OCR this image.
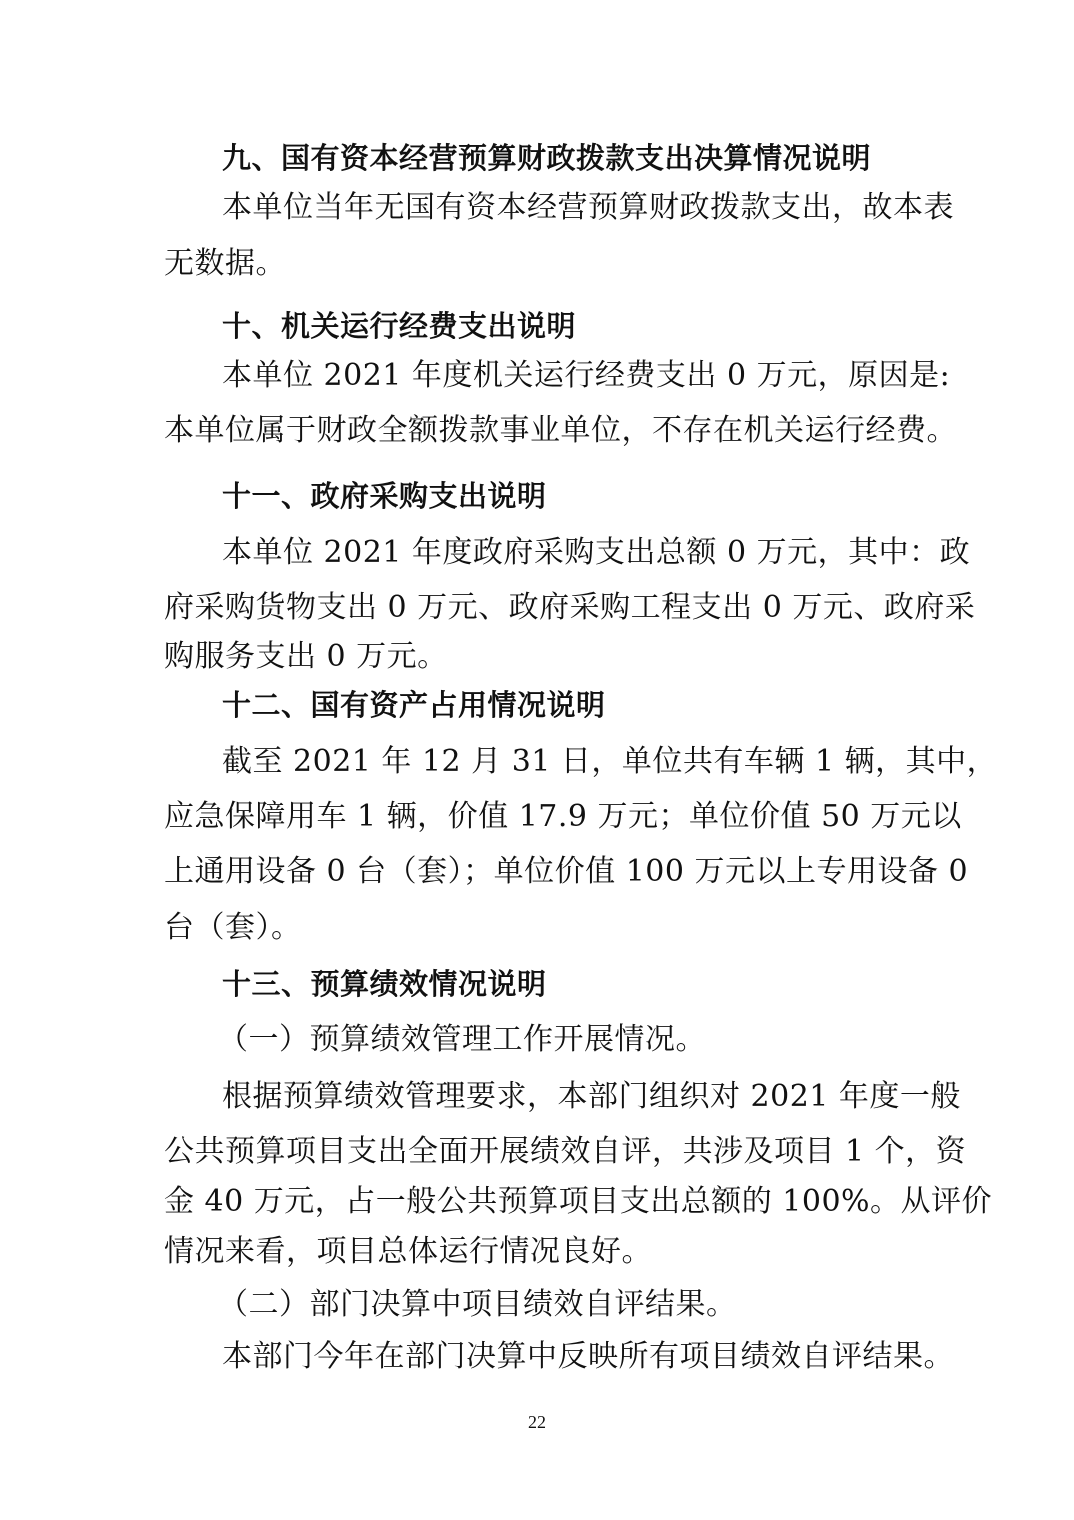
九、国有资本经营预算财政拨款支出决算情况说明
本单位当年无国有资本经营预算财政拨款支出，故本表
无数据。
十、机关运行经费支出说明
本单位 2021 年度机关运行经费支出 0 万元，原因是:
本单位属于财政全额拨款事业单位，不存在机关运行经费。
十一、政府采购支出说明
本单位 2021 年度政府采购支出总额 0 万元，其中：政
府采购货物支出 0 万元、政府采购工程支出 0 万元、政府采
购服务支出 0 万元。
十二、国有资产占用情况说明
截至 2021 年 12 月 31 日，单位共有车辆 1 辆，其中，
应急保障用车 1 辆，价值 17.9 万元；单位价值 50 万元以
上通用设备 0 台（套）；单位价值 100 万元以上专用设备 0
台（套）。
十三、预算绩效情况说明
（一）预算绩效管理工作开展情况。
根据预算绩效管理要求，本部门组织对 2021 年度一般
公共预算项目支出全面开展绩效自评，共涉及项目 1 个，资
金 40 万元，占一般公共预算项目支出总额的 100%。从评价
情况来看，项目总体运行情况良好。
（二）部门决算中项目绩效自评结果。
本部门今年在部门决算中反映所有项目绩效自评结果。
22
